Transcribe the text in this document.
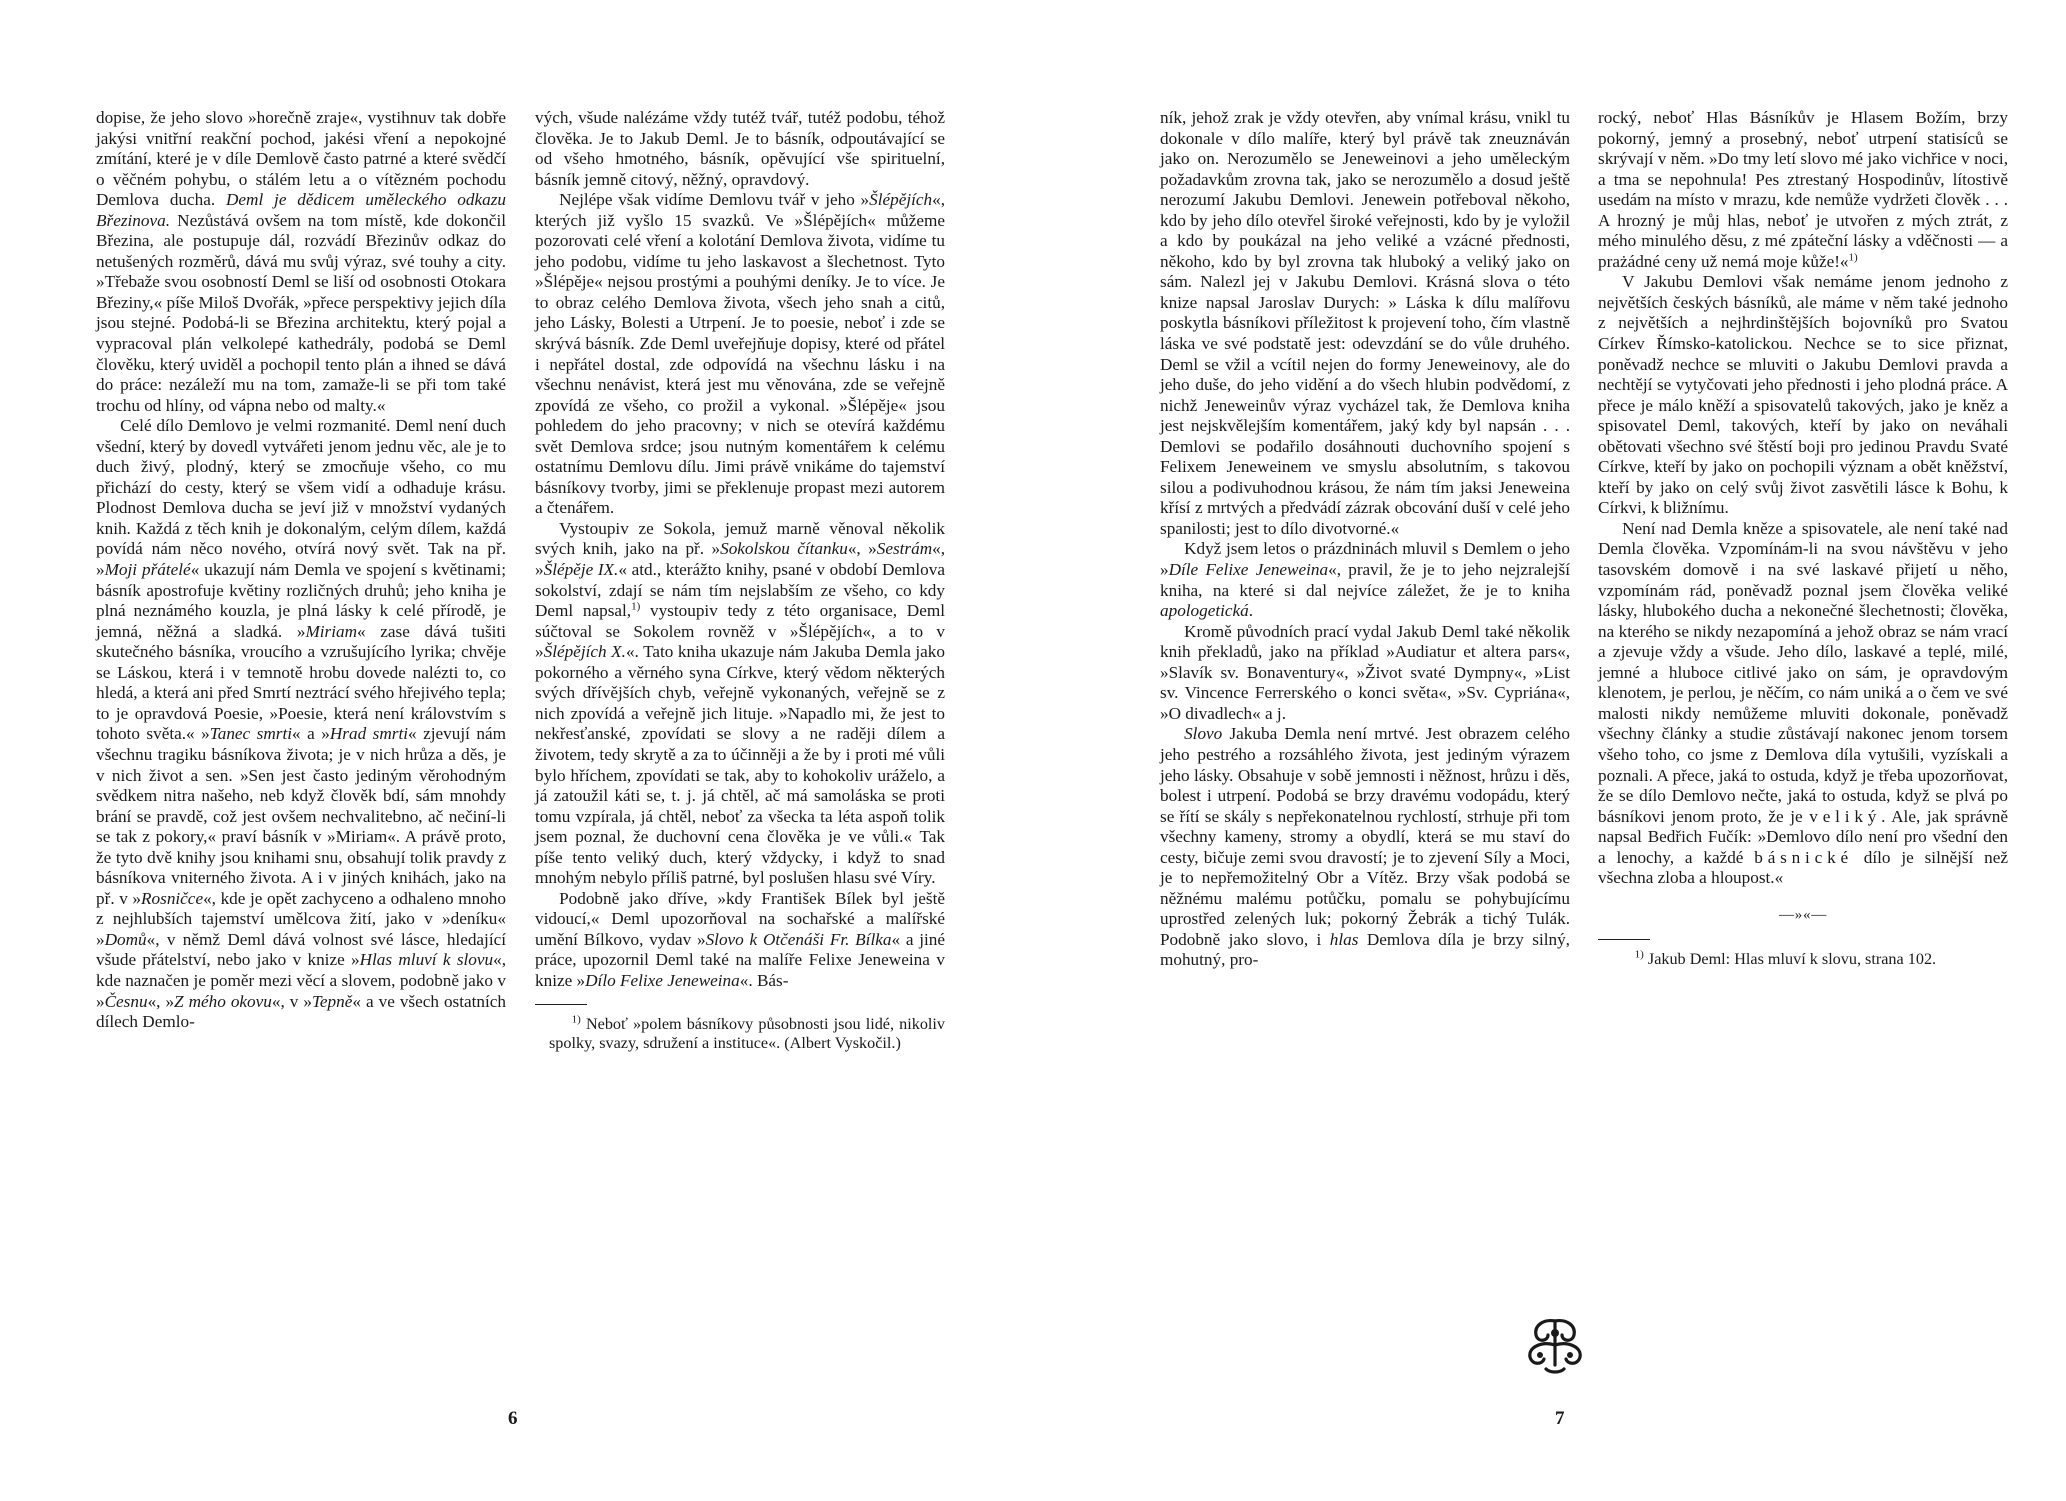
dopise, že jeho slovo »horečně zraje«, vystihnuv tak dobře jakýsi vnitřní reakční pochod, jakési vření a nepokojné zmítání, které je v díle Demlově často patrné a které svědčí o věčném pohybu, o stálém letu a o vítězném pochodu Demlova ducha. Deml je dědicem uměleckého odkazu Březinova. Nezůstává ovšem na tom místě, kde dokončil Březina, ale postupuje dál, rozvádí Březinův odkaz do netušených rozměrů, dává mu svůj výraz, své touhy a city. »Třebaže svou osobností Deml se liší od osobnosti Otokara Březiny,« píše Miloš Dvořák, »přece perspektivy jejich díla jsou stejné. Podobá-li se Březina architektu, který pojal a vypracoval plán velkolepé kathedrály, podobá se Deml člověku, který uviděl a pochopil tento plán a ihned se dává do práce: nezáleží mu na tom, zamaže-li se při tom také trochu od hlíny, od vápna nebo od malty.«

Celé dílo Demlovo je velmi rozmanité. Deml není duch všední, který by dovedl vytvářeti jenom jednu věc, ale je to duch živý, plodný, který se zmocňuje všeho, co mu přichází do cesty, který se všem vidí a odhaduje krásu. Plodnost Demlova ducha se jeví již v množství vydaných knih. Každá z těch knih je dokonalým, celým dílem, každá povídá nám něco nového, otvírá nový svět. Tak na př. »Moji přátelé« ukazují nám Demla ve spojení s květinami; básník apostrofuje květiny rozličných druhů; jeho kniha je plná neznámého kouzla, je plná lásky k celé přírodě, je jemná, něžná a sladká. »Miriam« zase dává tušiti skutečného básníka, vroucího a vzrušujícího lyrika; chvěje se Láskou, která i v temnotě hrobu dovede nalézti to, co hledá, a která ani před Smrtí neztrácí svého hřejivého tepla; to je opravdová Poesie, »Poesie, která není královstvím s tohoto světa.« »Tanec smrti« a »Hrad smrti« zjevují nám všechnu tragiku básníkova života; je v nich hrůza a děs, je v nich život a sen. »Sen jest často jediným věrohodným svědkem nitra našeho, neb když člověk bdí, sám mnohdy brání se pravdě, což jest ovšem nechvalitebno, ač nečiní-li se tak z pokory,« praví básník v »Miriam«. A právě proto, že tyto dvě knihy jsou knihami snu, obsahují tolik pravdy z básníkova vniterného života. A i v jiných knihách, jako na př. v »Rosničce«, kde je opět zachyceno a odhaleno mnoho z nejhlubších tajemství umělcova žití, jako v »deníku« »Domů«, v němž Deml dává volnost své lásce, hledající všude přátelství, nebo jako v knize »Hlas mluví k slovu«, kde naznačen je poměr mezi věcí a slovem, podobně jako v »Česnu«, »Z mého okovu«, v »Tepně« a ve všech ostatních dílech Demlo-

vých, všude nalézáme vždy tutéž tvář, tutéž podobu, téhož člověka. Je to Jakub Deml. Je to básník, odpoutávající se od všeho hmotného, básník, opěvující vše spirituelní, básník jemně citový, něžný, opravdový.

Nejlépe však vidíme Demlovu tvář v jeho »Šlépějích«, kterých již vyšlo 15 svazků. Ve »Šlépějích« můžeme pozorovati celé vření a kolotání Demlova života, vidíme tu jeho podobu, vidíme tu jeho laskavost a šlechetnost. Tyto »Šlépěje« nejsou prostými a pouhými deníky. Je to více. Je to obraz celého Demlova života, všech jeho snah a citů, jeho Lásky, Bolesti a Utrpení. Je to poesie, neboť i zde se skrývá básník. Zde Deml uveřejňuje dopisy, které od přátel i nepřátel dostal, zde odpovídá na všechnu lásku i na všechnu nenávist, která jest mu věnována, zde se veřejně zpovídá ze všeho, co prožil a vykonal. »Šlépěje« jsou pohledem do jeho pracovny; v nich se otevírá každému svět Demlova srdce; jsou nutným komentářem k celému ostatnímu Demlovu dílu. Jimi právě vnikáme do tajemství básníkovy tvorby, jimi se překlenuje propast mezi autorem a čtenářem.

Vystoupiv ze Sokola, jemuž marně věnoval několik svých knih, jako na př. »Sokolskou čítanku«, »Sestrám«, »Šlépěje IX.« atd., kterážto knihy, psané v období Demlova sokolství, zdají se nám tím nejslabším ze všeho, co kdy Deml napsal,$^{1)}$ vystoupiv tedy z této organisace, Deml súčtoval se Sokolem rovněž v »Šlépějích«, a to v »Šlépějích X.«. Tato kniha ukazuje nám Jakuba Demla jako pokorného a věrného syna Církve, který vědom některých svých dřívějších chyb, veřejně vykonaných, veřejně se z nich zpovídá a veřejně jich lituje. »Napadlo mi, že jest to nekřesťanské, zpovídati se slovy a ne raději dílem a životem, tedy skrytě a za to účinněji a že by i proti mé vůli bylo hříchem, zpovídati se tak, aby to kohokoliv uráželo, a já zatoužil káti se, t. j. já chtěl, ač má samoláska se proti tomu vzpírala, já chtěl, neboť za všecka ta léta aspoň tolik jsem poznal, že duchovní cena člověka je ve vůli.« Tak píše tento veliký duch, který vždycky, i když to snad mnohým nebylo příliš patrné, byl poslušen hlasu své Víry.

Podobně jako dříve, »kdy František Bílek byl ještě vidoucí,« Deml upozorňoval na sochařské a malířské umění Bílkovo, vydav »Slovo k Otčenáši Fr. Bílka« a jiné práce, upozornil Deml také na malíře Felixe Jeneweina v knize »Dílo Felixe Jeneweina«. Bás-

$^{1)}$ Neboť »polem básníkovy působnosti jsou lidé, nikoliv spolky, svazy, sdružení a instituce«. (Albert Vyskočil.)

6

ník, jehož zrak je vždy otevřen, aby vnímal krásu, vnikl tu dokonale v dílo malíře, který byl právě tak zneuznáván jako on. Nerozumělo se Jeneweinovi a jeho uměleckým požadavkům zrovna tak, jako se nerozumělo a dosud ještě nerozumí Jakubu Demlovi. Jenewein potřeboval někoho, kdo by jeho dílo otevřel široké veřejnosti, kdo by je vyložil a kdo by poukázal na jeho veliké a vzácné přednosti, někoho, kdo by byl zrovna tak hluboký a veliký jako on sám. Nalezl jej v Jakubu Demlovi. Krásná slova o této knize napsal Jaroslav Durych: » Láska k dílu malířovu poskytla básníkovi příležitost k projevení toho, čím vlastně láska ve své podstatě jest: odevzdání se do vůle druhého. Deml se vžil a vcítil nejen do formy Jeneweinovy, ale do jeho duše, do jeho vidění a do všech hlubin podvědomí, z nichž Jeneweinův výraz vycházel tak, že Demlova kniha jest nejskvělejším komentářem, jaký kdy byl napsán . . . Demlovi se podařilo dosáhnouti duchovního spojení s Felixem Jeneweinem ve smyslu absolutním, s takovou silou a podivuhodnou krásou, že nám tím jaksi Jeneweina křísí z mrtvých a předvádí zázrak obcování duší v celé jeho spanilosti; jest to dílo divotvorné.«

Když jsem letos o prázdninách mluvil s Demlem o jeho »Díle Felixe Jeneweina«, pravil, že je to jeho nejzralejší kniha, na které si dal nejvíce záležet, že je to kniha apologetická.

Kromě původních prací vydal Jakub Deml také několik knih překladů, jako na příklad »Audiatur et altera pars«, »Slavík sv. Bonaventury«, »Život svaté Dympny«, »List sv. Vincence Ferrerského o konci světa«, »Sv. Cypriána«, »O divadlech« a j.

Slovo Jakuba Demla není mrtvé. Jest obrazem celého jeho pestrého a rozsáhlého života, jest jediným výrazem jeho lásky. Obsahuje v sobě jemnosti i něžnost, hrůzu i děs, bolest i utrpení. Podobá se brzy dravému vodopádu, který se řítí se skály s nepřekonatelnou rychlostí, strhuje při tom všechny kameny, stromy a obydlí, která se mu staví do cesty, bičuje zemi svou dravostí; je to zjevení Síly a Moci, je to nepřemožitelný Obr a Vítěz. Brzy však podobá se něžnému malému potůčku, pomalu se pohybujícímu uprostřed zelených luk; pokorný Žebrák a tichý Tulák. Podobně jako slovo, i hlas Demlova díla je brzy silný, mohutný, pro-

rocký, neboť Hlas Básníkův je Hlasem Božím, brzy pokorný, jemný a prosebný, neboť utrpení statisíců se skrývají v něm. »Do tmy letí slovo mé jako vichřice v noci, a tma se nepohnula! Pes ztrestaný Hospodinův, lítostivě usedám na místo v mrazu, kde nemůže vydržeti člověk . . . A hrozný je můj hlas, neboť je utvořen z mých ztrát, z mého minulého děsu, z mé zpáteční lásky a vděčnosti — a prażádné ceny už nemá moje kůže!«$^{1)}$

V Jakubu Demlovi však nemáme jenom jednoho z největších českých básníků, ale máme v něm také jednoho z největších a nejhrdinštějších bojovníků pro Svatou Církev Římsko-katolickou. Nechce se to sice přiznat, poněvadž nechce se mluviti o Jakubu Demlovi pravda a nechtějí se vytyčovati jeho přednosti i jeho plodná práce. A přece je málo kněží a spisovatelů takových, jako je kněz a spisovatel Deml, takových, kteří by jako on neváhali obětovati všechno své štěstí boji pro jedinou Pravdu Svaté Církve, kteří by jako on pochopili význam a obět kněžství, kteří by jako on celý svůj život zasvětili lásce k Bohu, k Církvi, k bližnímu.

Není nad Demla kněze a spisovatele, ale není také nad Demla člověka. Vzpomínám-li na svou návštěvu v jeho tasovském domově i na své laskavé přijetí u něho, vzpomínám rád, poněvadž poznal jsem člověka veliké lásky, hlubokého ducha a nekonečné šlechetnosti; člověka, na kterého se nikdy nezapomíná a jehož obraz se nám vrací a zjevuje vždy a všude. Jeho dílo, laskavé a teplé, milé, jemné a hluboce citlivé jako on sám, je opravdovým klenotem, je perlou, je něčím, co nám uniká a o čem ve své malosti nikdy nemůžeme mluviti dokonale, poněvadž všechny články a studie zůstávají nakonec jenom torsem všeho toho, co jsme z Demlova díla vytušili, vyzískali a poznali. A přece, jaká to ostuda, když je třeba upozorňovat, že se dílo Demlovo nečte, jaká to ostuda, když se plvá po básníkovi jenom proto, že je veliký. Ale, jak správně napsal Bedřich Fučík: »Demlovo dílo není pro všední den a lenochy, a každé básnické dílo je silnější než všechna zloba a hloupost.«

—»«—

$^{1)}$ Jakub Deml: Hlas mluví k slovu, strana 102.

7
